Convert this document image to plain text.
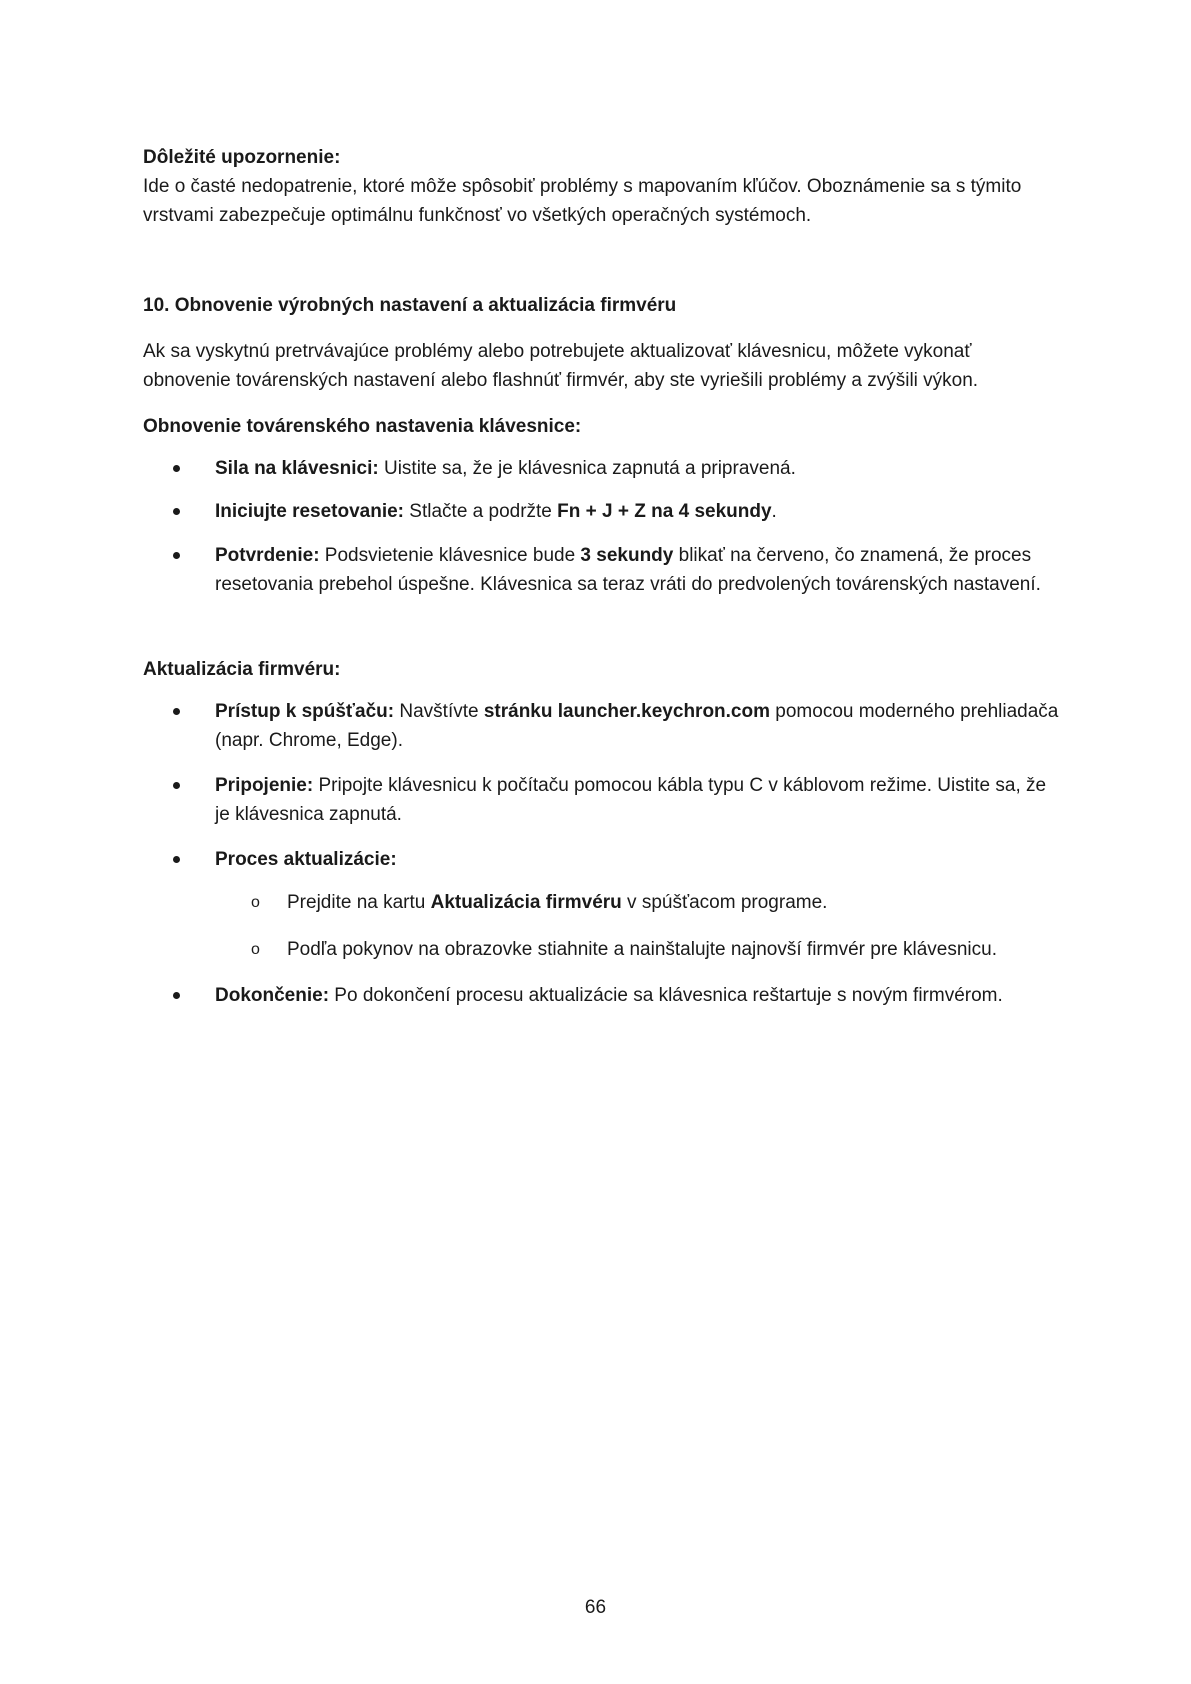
Dôležité upozornenie:

Ide o časté nedopatrenie, ktoré môže spôsobiť problémy s mapovaním kľúčov. Oboznámenie sa s týmito vrstvami zabezpečuje optimálnu funkčnosť vo všetkých operačných systémoch.

10. Obnovenie výrobných nastavení a aktualizácia firmvéru

Ak sa vyskytnú pretrvávajúce problémy alebo potrebujete aktualizovať klávesnicu, môžete vykonať obnovenie továrenských nastavení alebo flashnúť firmvér, aby ste vyriešili problémy a zvýšili výkon.

Obnovenie továrenského nastavenia klávesnice:

Sila na klávesnici: Uistite sa, že je klávesnica zapnutá a pripravená.

Iniciujte resetovanie: Stlačte a podržte Fn + J + Z na 4 sekundy.

Potvrdenie: Podsvietenie klávesnice bude 3 sekundy blikať na červeno, čo znamená, že proces resetovania prebehol úspešne. Klávesnica sa teraz vráti do predvolených továrenských nastavení.

Aktualizácia firmvéru:

Prístup k spúšťaču: Navštívte stránku launcher.keychron.com pomocou moderného prehliadača (napr. Chrome, Edge).

Pripojenie: Pripojte klávesnicu k počítaču pomocou kábla typu C v káblovom režime. Uistite sa, že je klávesnica zapnutá.

Proces aktualizácie:

o Prejdite na kartu Aktualizácia firmvéru v spúšťacom programe.

o Podľa pokynov na obrazovke stiahnite a nainštalujte najnovší firmvér pre klávesnicu.

Dokončenie: Po dokončení procesu aktualizácie sa klávesnica reštartuje s novým firmvérom.

66
